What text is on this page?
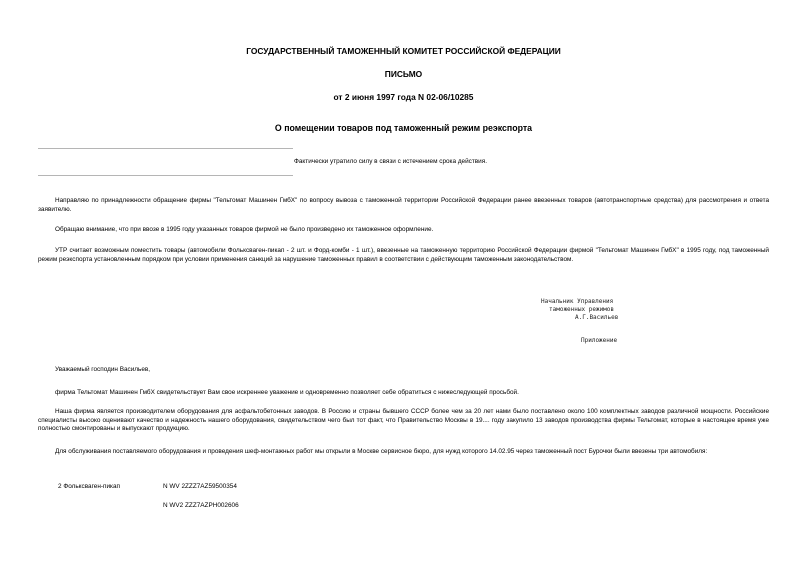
ГОСУДАРСТВЕННЫЙ ТАМОЖЕННЫЙ КОМИТЕТ РОССИЙСКОЙ ФЕДЕРАЦИИ
ПИСЬМО
от 2 июня 1997 года N 02-06/10285
О помещении товаров под таможенный режим реэкспорта
Фактически утратило силу в связи с истечением срока действия.
Направляю по принадлежности обращение фирмы "Тельтомат Машинен ГмбХ" по вопросу вывоза с таможенной территории Российской Федерации ранее ввезенных товаров (автотранспортные средства) для рассмотрения и ответа заявителю.
Обращаю внимание, что при ввозе в 1995 году указанных товаров фирмой не было произведено их таможенное оформление.
УТР считает возможным поместить товары (автомобили Фольксваген-пикап - 2 шт. и Форд-комби - 1 шт.), ввезенные на таможенную территорию Российской Федерации фирмой "Тельтомат Машинен ГмбХ" в 1995 году, под таможенный режим реэкспорта установленным порядком при условии применения санкций за нарушение таможенных правил в соответствии с действующим таможенным законодательством.
Начальник Управления
таможенных режимов
А.Г.Васильев
Приложение
Уважаемый господин Васильев,
фирма Тельтомат Машинен ГмбХ свидетельствует Вам свое искреннее уважение и одновременно позволяет себе обратиться с нижеследующей просьбой.
Наша фирма является производителем оборудования для асфальтобетонных заводов. В Россию и страны бывшего СССР более чем за 20 лет нами было поставлено около 100 комплектных заводов различной мощности. Российские специалисты высоко оценивают качество и надежность нашего оборудования, свидетельством чего был тот факт, что Правительство Москвы в 19.... году закупило 13 заводов производства фирмы Тельтомат, которые в настоящее время уже полностью смонтированы и выпускают продукцию.
Для обслуживания поставляемого оборудования и проведения шеф-монтажных работ мы открыли в Москве сервисное бюро, для нужд которого 14.02.95 через таможенный пост Бурочки были ввезены три автомобиля:
2 Фольксваген-пикап	N WV 2ZZZ7AZ59500354
N WV2 ZZZ7AZPH002606
